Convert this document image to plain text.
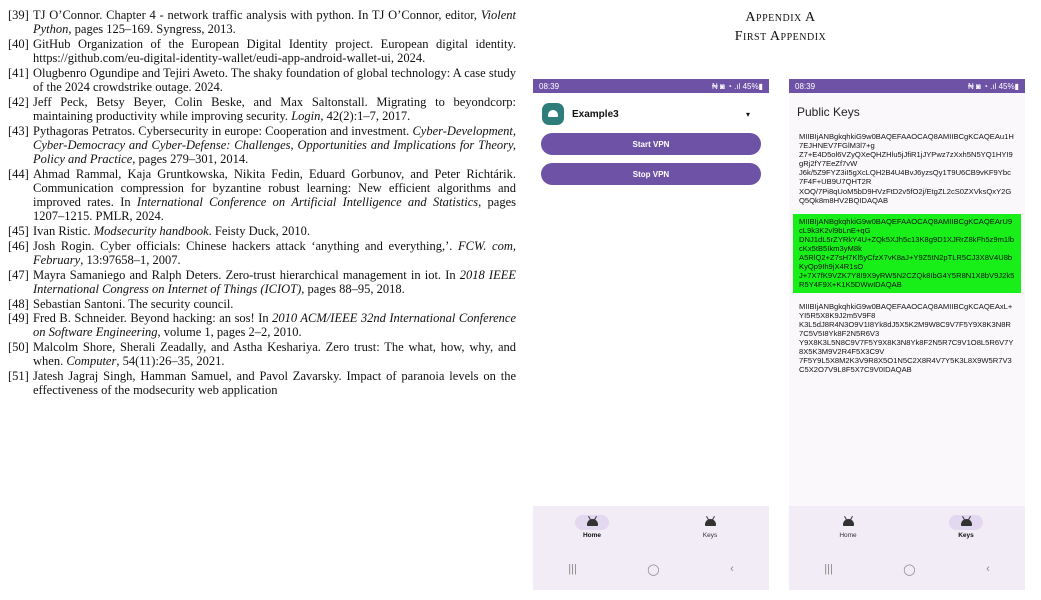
[39] TJ O’Connor. Chapter 4 - network traffic analysis with python. In TJ O’Connor, editor, Violent Python, pages 125–169. Syngress, 2013.
[40] GitHub Organization of the European Digital Identity project. European digital identity. https://github.com/eu-digital-identity-wallet/eudi-app-android-wallet-ui, 2024.
[41] Olugbenro Ogundipe and Tejiri Aweto. The shaky foundation of global technology: A case study of the 2024 crowdstrike outage. 2024.
[42] Jeff Peck, Betsy Beyer, Colin Beske, and Max Saltonstall. Migrating to beyondcorp: maintaining productivity while improving security. Login, 42(2):1–7, 2017.
[43] Pythagoras Petratos. Cybersecurity in europe: Cooperation and investment. Cyber-Development, Cyber-Democracy and Cyber-Defense: Challenges, Opportunities and Implications for Theory, Policy and Practice, pages 279–301, 2014.
[44] Ahmad Rammal, Kaja Gruntkowska, Nikita Fedin, Eduard Gorbunov, and Peter Richtárik. Communication compression for byzantine robust learning: New efficient algorithms and improved rates. In International Conference on Artificial Intelligence and Statistics, pages 1207–1215. PMLR, 2024.
[45] Ivan Ristic. Modsecurity handbook. Feisty Duck, 2010.
[46] Josh Rogin. Cyber officials: Chinese hackers attack ‘anything and everything,’. FCW. com, February, 13:97658–1, 2007.
[47] Mayra Samaniego and Ralph Deters. Zero-trust hierarchical management in iot. In 2018 IEEE International Congress on Internet of Things (ICIOT), pages 88–95, 2018.
[48] Sebastian Santoni. The security council.
[49] Fred B. Schneider. Beyond hacking: an sos! In 2010 ACM/IEEE 32nd International Conference on Software Engineering, volume 1, pages 2–2, 2010.
[50] Malcolm Shore, Sherali Zeadally, and Astha Keshariya. Zero trust: The what, how, why, and when. Computer, 54(11):26–35, 2021.
[51] Jatesh Jagraj Singh, Hamman Samuel, and Pavol Zavarsky. Impact of paranoia levels on the effectiveness of the modsecurity web application
Appendix A
First Appendix
08:39	₦ ◙ ◔ .ıl 45%▮
Example3	▾
Start VPN
Stop VPN
Home	Keys
|||	◯	‹
08:39	₦ ◙ ◔ .ıl 45%▮
Public Keys
MIIBIjANBgkqhkiG9w0BAQEFAAOCAQ8AMIIBCgKCAQEAu1H7EJHNEV7FGlM3l7+g
Z7+E4D5ol6VZyQXeQHZHlu5jJfiR1jJYPwz7zXxh5N5YQ1HYI9gRj2fY7EeZf7vW
J6k/5Z9FYZ3iI5gXcLQH2B4U4BvJ6yzsQy1T9U6CB9vKF9Ybc7F4F+UB9U7QHT2R
XOQ/7Pi8qUoM5bD9HVzFtD2v5fO2j/EtgZL2cS0ZXVksQxY2GQ5Qk8m8HV2BQIDAQAB
MIIBIjANBgkqhkiG9w0BAQEFAAOCAQ8AMIIBCgKCAQEArU9cL9k3K2vl9bLnE+qG
DNJ1dL5rZYRkY4U+ZQk5XJh5c13K8g9D1XJRrZ8kFh5z9m1lbcKx5tB5Ikm3yM8k
A5RlQ2+Z7sH7Kl5yCfzX7vK8aJ+Y9Z5tN2pTLR5CJ3X8V4U8bKyQp9Ih9jX4R1sO
J+7X7fK9VZK7Y8I9X9yRW5N2CZQk8IbG4Y5R8N1X8bV9J2k5R5Y4F9X+K1K5DWwIDAQAB
MIIBIjANBgkqhkiG9w0BAQEFAAOCAQ8AMIIBCgKCAQEAxL+YI5R5X8K9J2m5V9F8
K3L5dJ8R4N3O9V1I8Yk8dJ5X5K2M9W8C9V7F5Y9X8K3N8R7C5V5I8Yk8F2N5R6V3
Y9X8K3L5N8C9V7F5Y9X8K3N8Yk8F2N5R7C9V1O8L5R6V7Y8X5K3M9V2R4F5X3C9V
7F5Y9L5X8M2K3V9R8X5O1N5C2X8R4V7Y5K3L8X9W5R7V3C5X2O7V9L8F5X7C9V0IDAQAB
Home	Keys
|||	◯	‹
